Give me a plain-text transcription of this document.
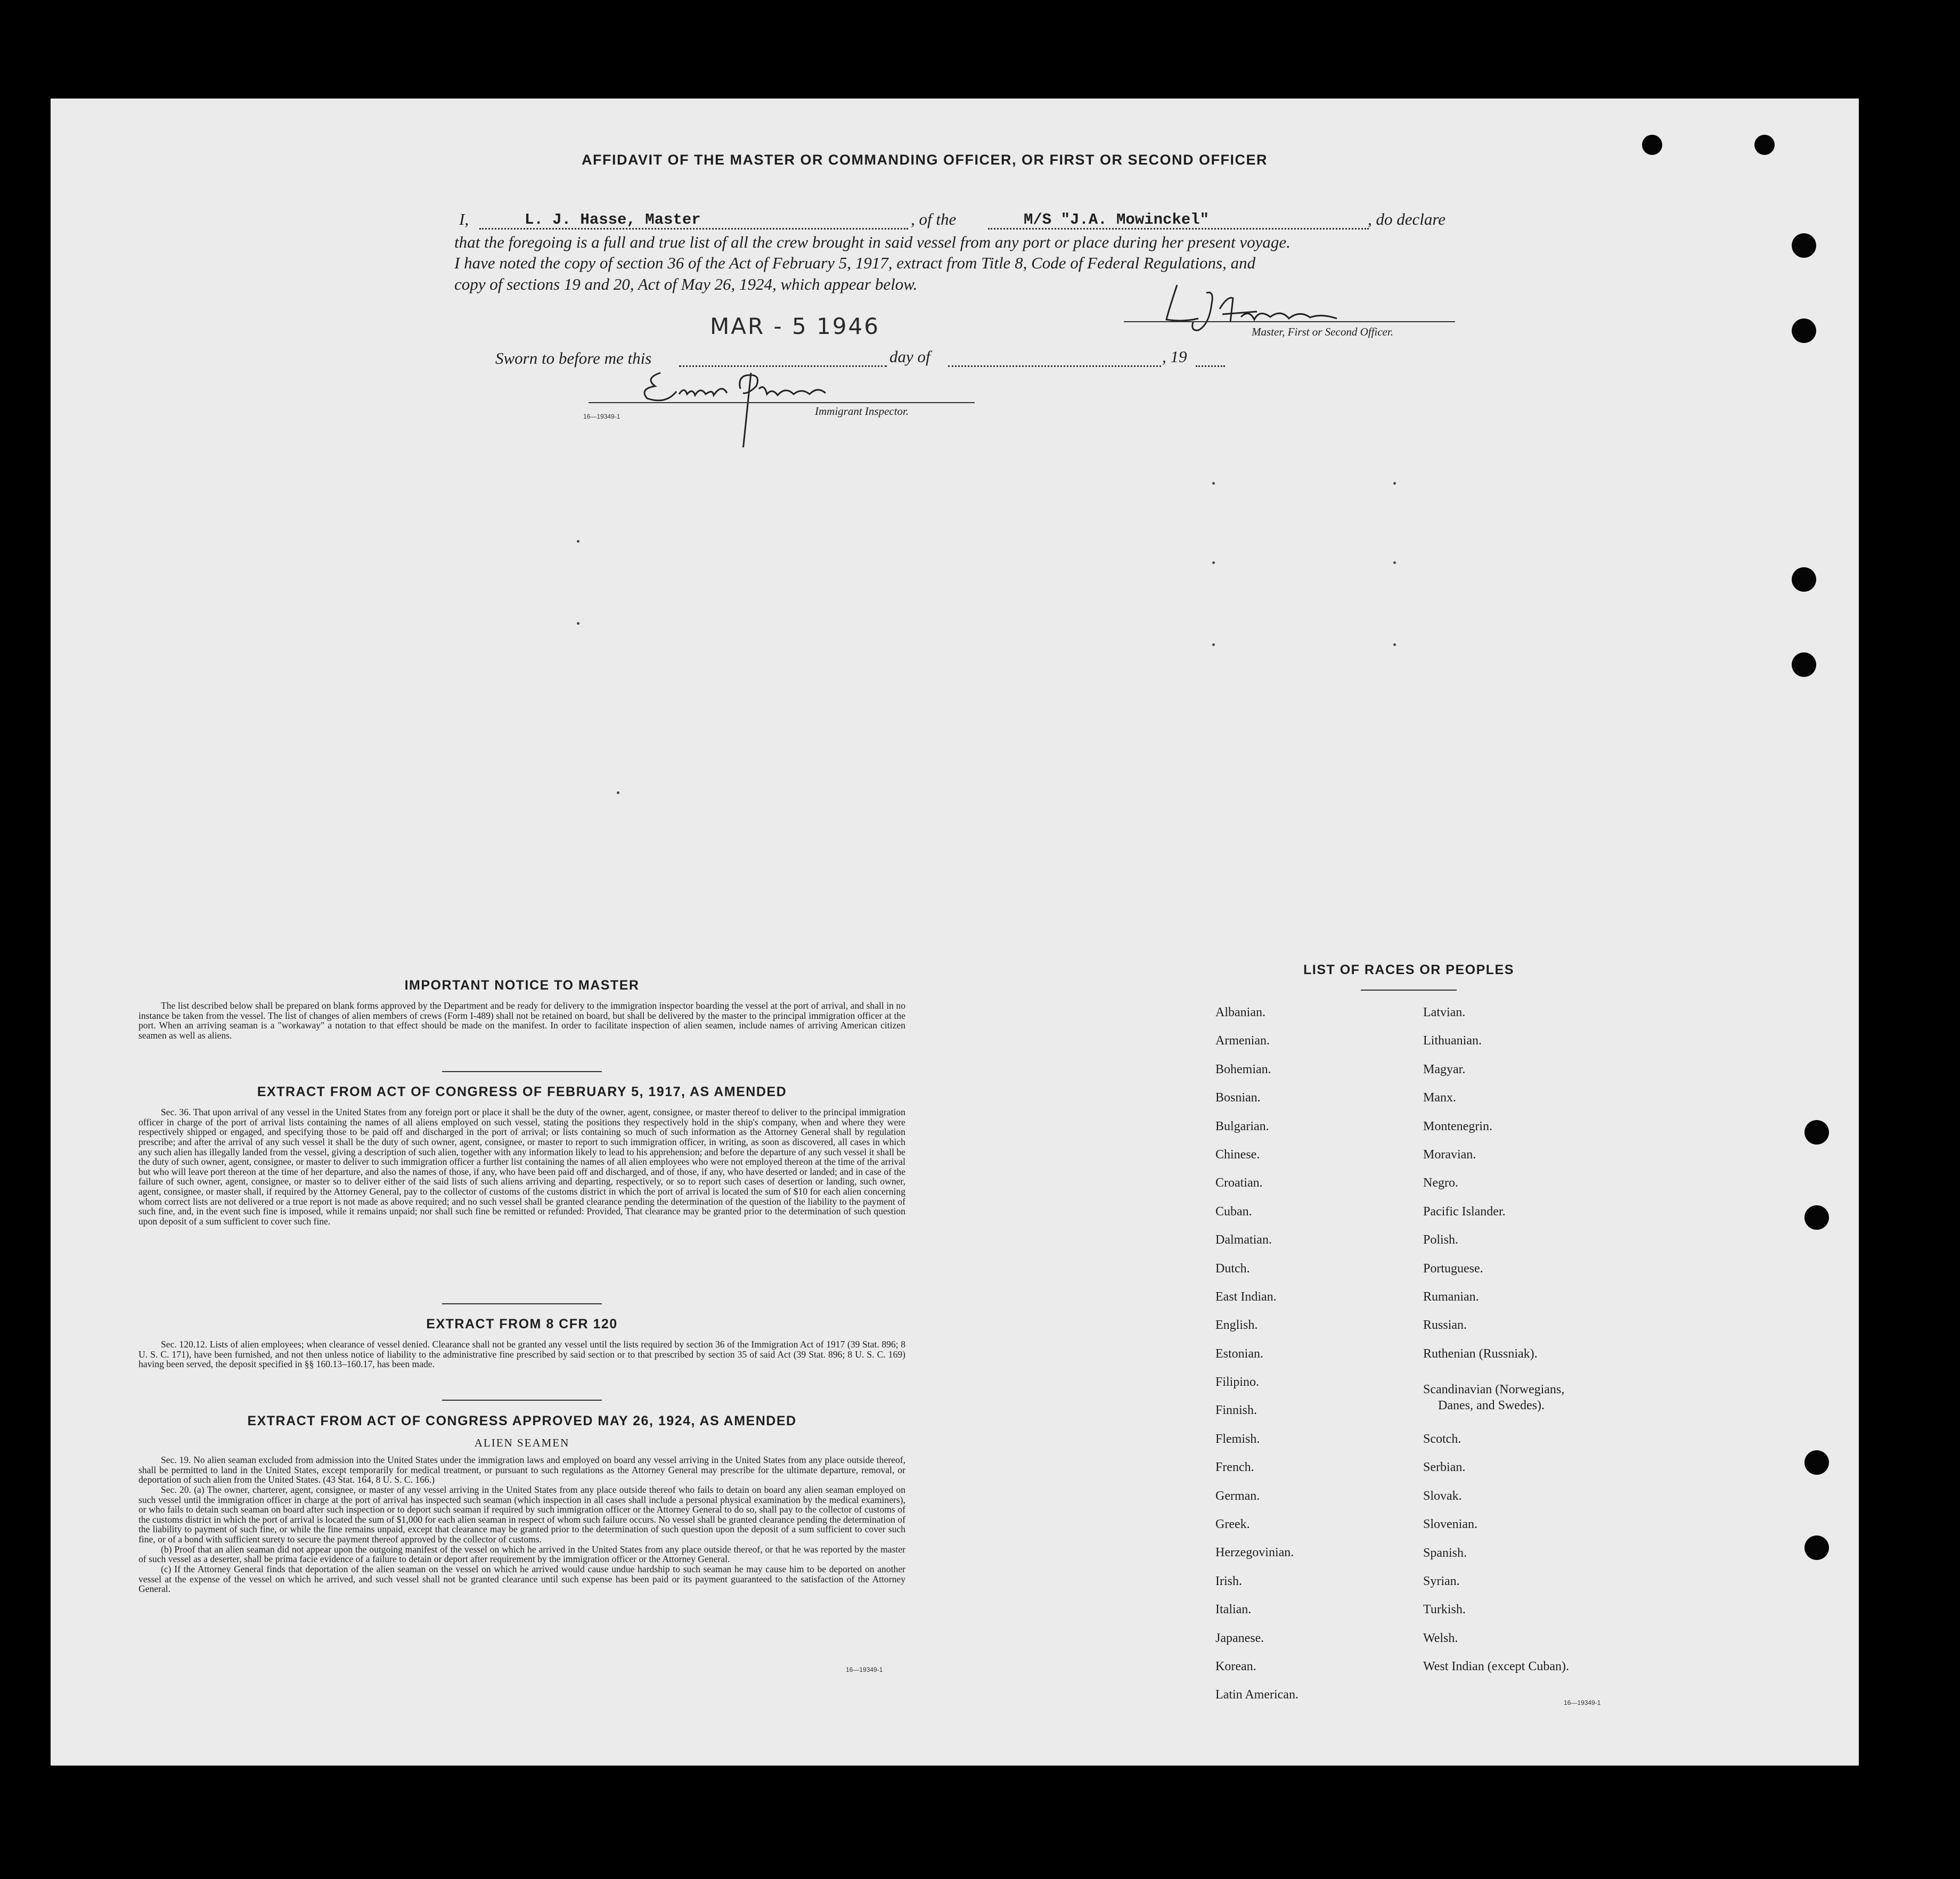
AFFIDAVIT OF THE MASTER OR COMMANDING OFFICER, OR FIRST OR SECOND OFFICER
I,	L. J. Hasse, Master	, of the	M/S "J.A. Mowinckel"	, do declare
that the foregoing is a full and true list of all the crew brought in said vessel from any port or place during her present voyage.
I have noted the copy of section 36 of the Act of February 5, 1917, extract from Title 8, Code of Federal Regulations, and
copy of sections 19 and 20, Act of May 26, 1924, which appear below.
MAR - 5 1946	Master, First or Second Officer.
Sworn to before me this	day of	, 19
Immigrant Inspector.
16—19349-1
IMPORTANT NOTICE TO MASTER

The list described below shall be prepared on blank forms approved by the Department and be ready for delivery to the immigration inspector boarding the vessel at the port of arrival, and shall in no instance be taken from the vessel. The list of changes of alien members of crews (Form I-489) shall not be retained on board, but shall be delivered by the master to the principal immigration officer at the port. When an arriving seaman is a "workaway" a notation to that effect should be made on the manifest. In order to facilitate inspection of alien seamen, include names of arriving American citizen seamen as well as aliens.

EXTRACT FROM ACT OF CONGRESS OF FEBRUARY 5, 1917, AS AMENDED

Sec. 36. That upon arrival of any vessel in the United States from any foreign port or place it shall be the duty of the owner, agent, consignee, or master thereof to deliver to the principal immigration officer in charge of the port of arrival lists containing the names of all aliens employed on such vessel, stating the positions they respectively hold in the ship's company, when and where they were respectively shipped or engaged, and specifying those to be paid off and discharged in the port of arrival; or lists containing so much of such information as the Attorney General shall by regulation prescribe; and after the arrival of any such vessel it shall be the duty of such owner, agent, consignee, or master to report to such immigration officer, in writing, as soon as discovered, all cases in which any such alien has illegally landed from the vessel, giving a description of such alien, together with any information likely to lead to his apprehension; and before the departure of any such vessel it shall be the duty of such owner, agent, consignee, or master to deliver to such immigration officer a further list containing the names of all alien employees who were not employed thereon at the time of the arrival but who will leave port thereon at the time of her departure, and also the names of those, if any, who have been paid off and discharged, and of those, if any, who have deserted or landed; and in case of the failure of such owner, agent, consignee, or master so to deliver either of the said lists of such aliens arriving and departing, respectively, or so to report such cases of desertion or landing, such owner, agent, consignee, or master shall, if required by the Attorney General, pay to the collector of customs of the customs district in which the port of arrival is located the sum of $10 for each alien concerning whom correct lists are not delivered or a true report is not made as above required; and no such vessel shall be granted clearance pending the determination of the question of the liability to the payment of such fine, and, in the event such fine is imposed, while it remains unpaid; nor shall such fine be remitted or refunded: Provided, That clearance may be granted prior to the determination of such question upon deposit of a sum sufficient to cover such fine.

EXTRACT FROM 8 CFR 120

Sec. 120.12. Lists of alien employees; when clearance of vessel denied. Clearance shall not be granted any vessel until the lists required by section 36 of the Immigration Act of 1917 (39 Stat. 896; 8 U. S. C. 171), have been furnished, and not then unless notice of liability to the administrative fine prescribed by said section or to that prescribed by section 35 of said Act (39 Stat. 896; 8 U. S. C. 169) having been served, the deposit specified in §§ 160.13–160.17, has been made.

EXTRACT FROM ACT OF CONGRESS APPROVED MAY 26, 1924, AS AMENDED
ALIEN SEAMEN

Sec. 19. No alien seaman excluded from admission into the United States under the immigration laws and employed on board any vessel arriving in the United States from any place outside thereof, shall be permitted to land in the United States, except temporarily for medical treatment, or pursuant to such regulations as the Attorney General may prescribe for the ultimate departure, removal, or deportation of such alien from the United States. (43 Stat. 164, 8 U. S. C. 166.)

Sec. 20. (a) The owner, charterer, agent, consignee, or master of any vessel arriving in the United States from any place outside thereof who fails to detain on board any alien seaman employed on such vessel until the immigration officer in charge at the port of arrival has inspected such seaman (which inspection in all cases shall include a personal physical examination by the medical examiners), or who fails to detain such seaman on board after such inspection or to deport such seaman if required by such immigration officer or the Attorney General to do so, shall pay to the collector of customs of the customs district in which the port of arrival is located the sum of $1,000 for each alien seaman in respect of whom such failure occurs. No vessel shall be granted clearance pending the determination of the liability to payment of such fine, or while the fine remains unpaid, except that clearance may be granted prior to the determination of such question upon the deposit of a sum sufficient to cover such fine, or of a bond with sufficient surety to secure the payment thereof approved by the collector of customs.

(b) Proof that an alien seaman did not appear upon the outgoing manifest of the vessel on which he arrived in the United States from any place outside thereof, or that he was reported by the master of such vessel as a deserter, shall be prima facie evidence of a failure to detain or deport after requirement by the immigration officer or the Attorney General.

(c) If the Attorney General finds that deportation of the alien seaman on the vessel on which he arrived would cause undue hardship to such seaman he may cause him to be deported on another vessel at the expense of the vessel on which he arrived, and such vessel shall not be granted clearance until such expense has been paid or its payment guaranteed to the satisfaction of the Attorney General.

16—19349-1
LIST OF RACES OR PEOPLES
Albanian.
Armenian.
Bohemian.
Bosnian.
Bulgarian.
Chinese.
Croatian.
Cuban.
Dalmatian.
Dutch.
East Indian.
English.
Estonian.
Filipino.
Finnish.
Flemish.
French.
German.
Greek.
Herzegovinian.
Irish.
Italian.
Japanese.
Korean.
Latin American.
Latvian.
Lithuanian.
Magyar.
Manx.
Montenegrin.
Moravian.
Negro.
Pacific Islander.
Polish.
Portuguese.
Rumanian.
Russian.
Ruthenian (Russniak).
Scandinavian (Norwegians,
Danes, and Swedes).
Scotch.
Serbian.
Slovak.
Slovenian.
Spanish.
Syrian.
Turkish.
Welsh.
West Indian (except Cuban).
16—19349-1
